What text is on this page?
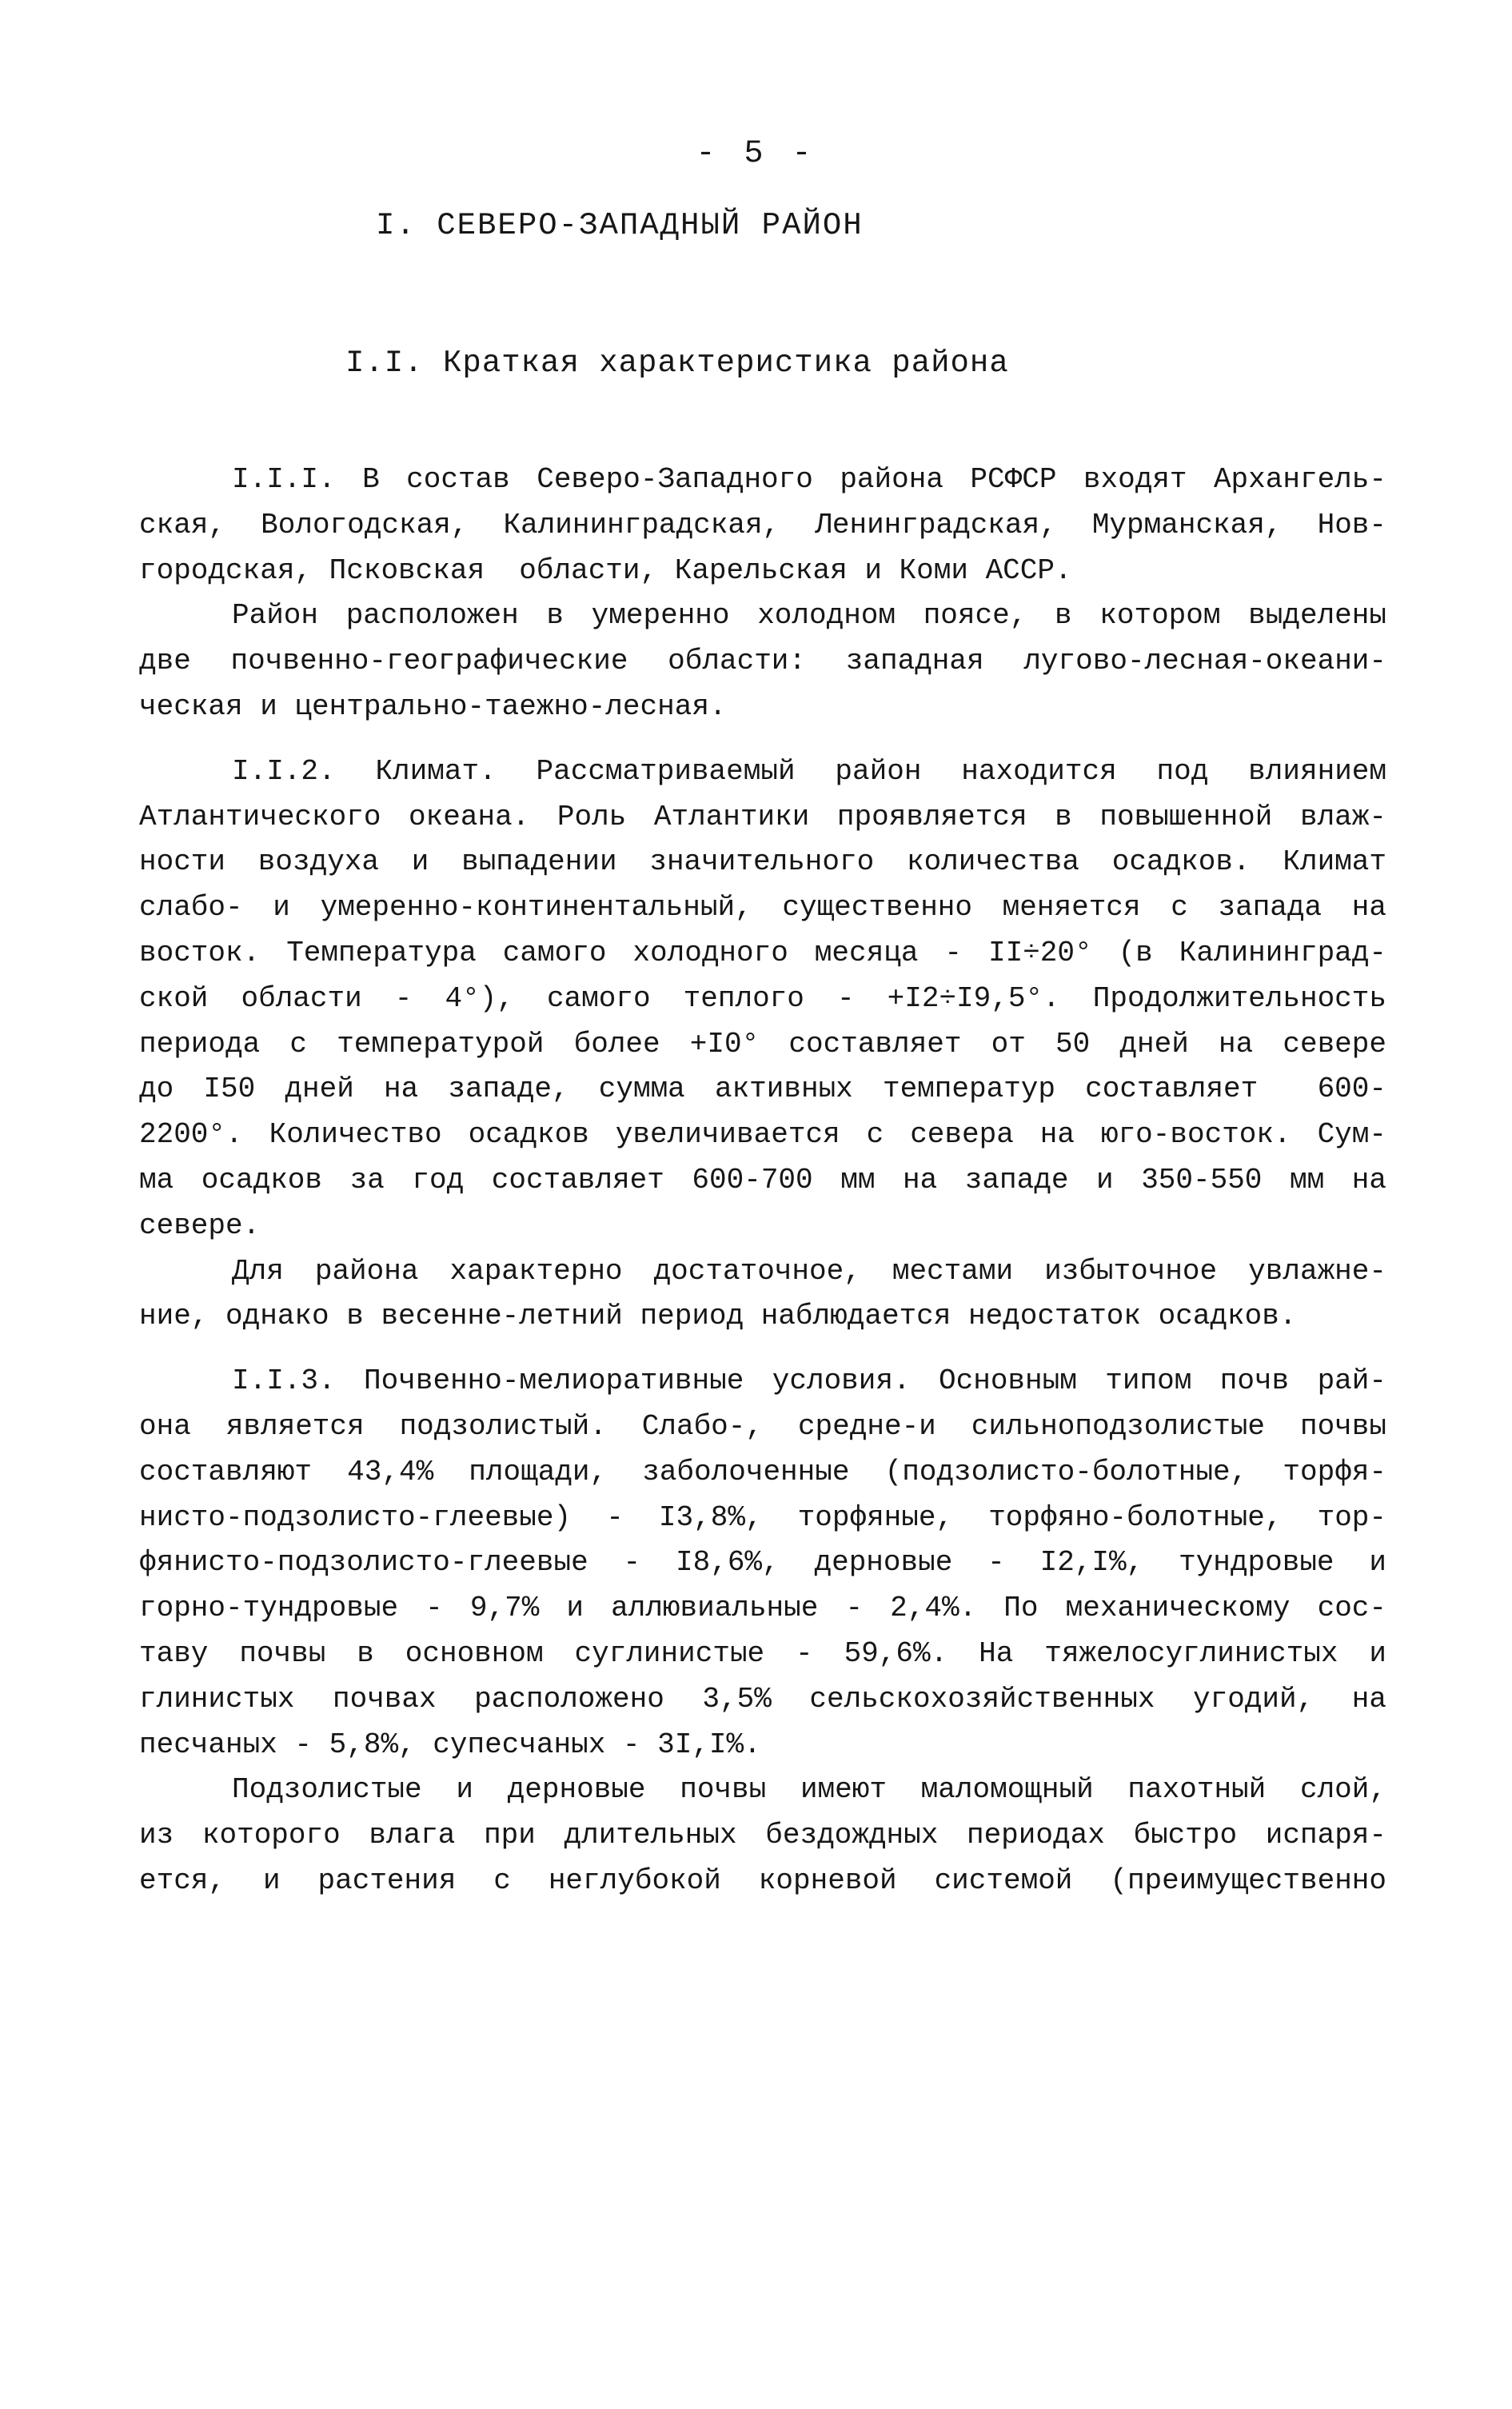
- 5 -
I. СЕВЕРО-ЗАПАДНЫЙ РАЙОН
I.I. Краткая характеристика района
I.I.I. В состав Северо-Западного района РСФСР входят Архангель-
ская, Вологодская, Калининградская, Ленинградская, Мурманская, Нов-
городская, Псковская  области, Карельская и Коми АССР.
Район расположен в умеренно холодном поясе, в котором выделены
две почвенно-географические области: западная лугово-лесная-океани-
ческая и центрально-таежно-лесная.
I.I.2. Климат. Рассматриваемый район находится под влиянием
Атлантического океана. Роль Атлантики проявляется в повышенной влаж-
ности воздуха и выпадении значительного количества осадков. Климат
слабо- и умеренно-континентальный, существенно меняется с запада на
восток. Температура самого холодного месяца - II÷20° (в Калининград-
ской области - 4°), самого теплого - +I2÷I9,5°. Продолжительность
периода с температурой более +I0° составляет от 50 дней на севере
до I50 дней на западе, сумма активных температур составляет  600-
2200°. Количество осадков увеличивается с севера на юго-восток. Сум-
ма осадков за год составляет 600-700 мм на западе и 350-550 мм на
севере.
Для района характерно достаточное, местами избыточное увлажне-
ние, однако в весенне-летний период наблюдается недостаток осадков.
I.I.3. Почвенно-мелиоративные условия. Основным типом почв рай-
она является подзолистый. Слабо-, средне-и сильноподзолистые почвы
составляют 43,4% площади, заболоченные (подзолисто-болотные, торфя-
нисто-подзолисто-глеевые) - I3,8%, торфяные, торфяно-болотные, тор-
фянисто-подзолисто-глеевые - I8,6%, дерновые - I2,I%, тундровые и
горно-тундровые - 9,7% и аллювиальные - 2,4%. По механическому сос-
таву почвы в основном суглинистые - 59,6%. На тяжелосуглинистых и
глинистых почвах расположено 3,5% сельскохозяйственных угодий, на
песчаных - 5,8%, супесчаных - 3I,I%.
Подзолистые и дерновые почвы имеют маломощный пахотный слой,
из которого влага при длительных бездождных периодах быстро испаря-
ется, и растения с неглубокой корневой системой (преимущественно
